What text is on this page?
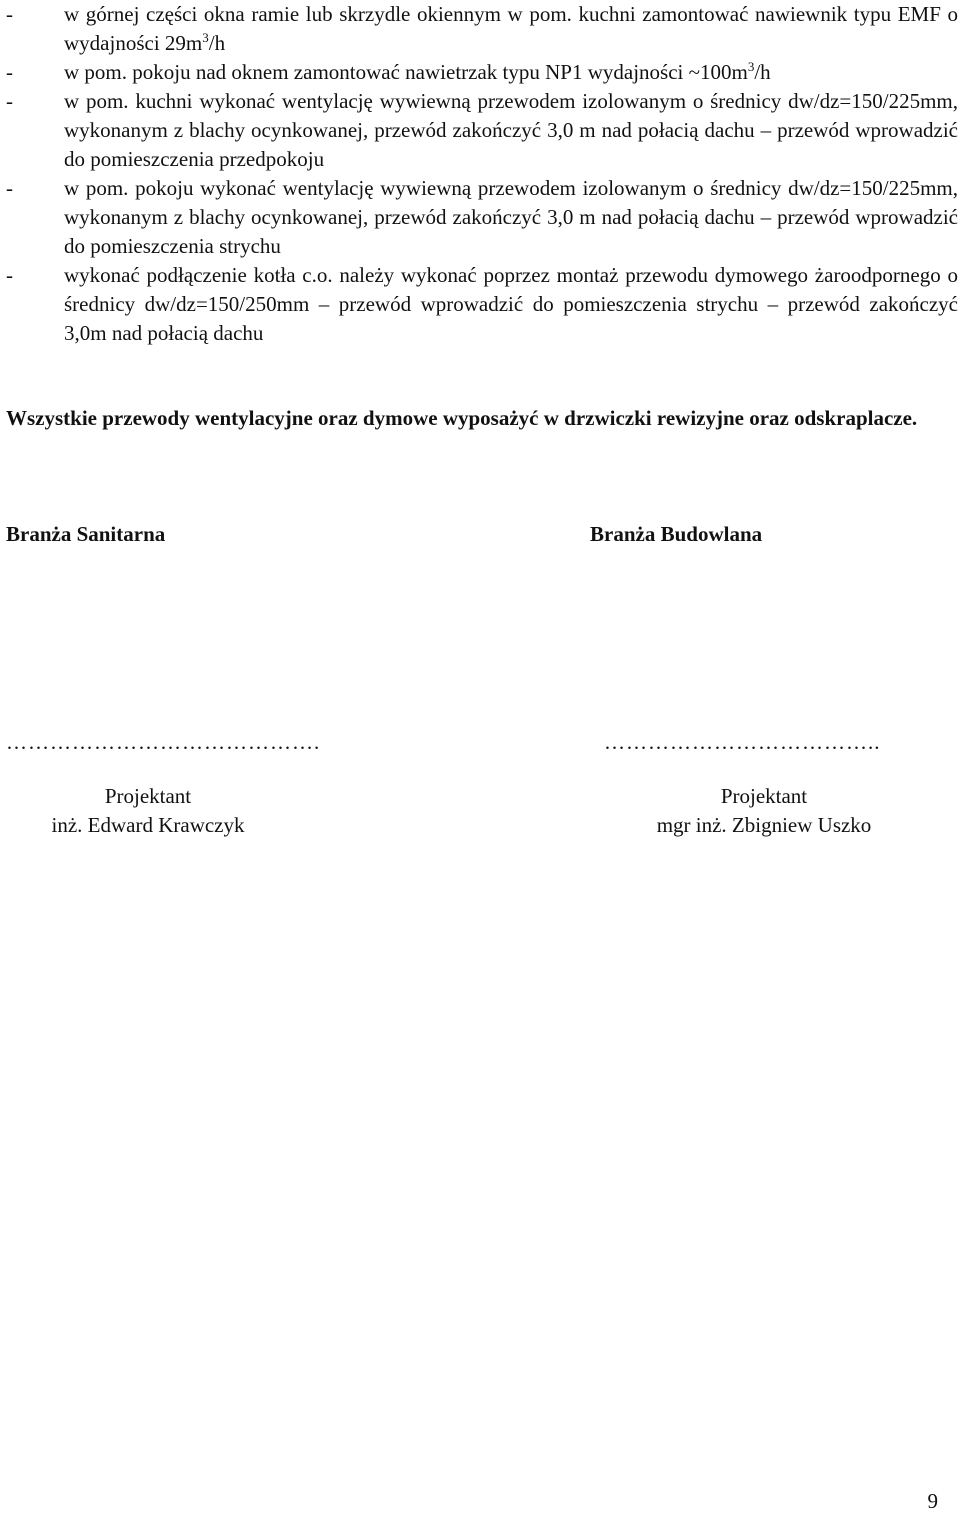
-	w górnej części okna ramie lub skrzydle okiennym w pom. kuchni zamontować nawiewnik typu EMF o wydajności $29m^3/h$
-	w pom. pokoju nad oknem zamontować nawietrzak typu NP1 wydajności $\sim 100m^3/h$
-	w pom. kuchni wykonać wentylację wywiewną przewodem izolowanym o średnicy dw/dz=150/225mm, wykonanym z blachy ocynkowanej, przewód zakończyć 3,0 m nad połacią dachu – przewód wprowadzić do pomieszczenia przedpokoju
-	w pom. pokoju wykonać wentylację wywiewną przewodem izolowanym o średnicy dw/dz=150/225mm, wykonanym z blachy ocynkowanej, przewód zakończyć 3,0 m nad połacią dachu – przewód wprowadzić do pomieszczenia strychu
-	wykonać podłączenie kotła c.o. należy wykonać poprzez montaż przewodu dymowego żaroodpornego o średnicy dw/dz=150/250mm – przewód wprowadzić do pomieszczenia strychu – przewód zakończyć 3,0m nad połacią dachu
Wszystkie przewody wentylacyjne oraz dymowe wyposażyć w drzwiczki rewizyjne oraz odskraplacze.
Branża Sanitarna	Branża Budowlana
…………………………………….	………………………………..
Projektant
inż. Edward Krawczyk
Projektant
mgr inż. Zbigniew Uszko
9
